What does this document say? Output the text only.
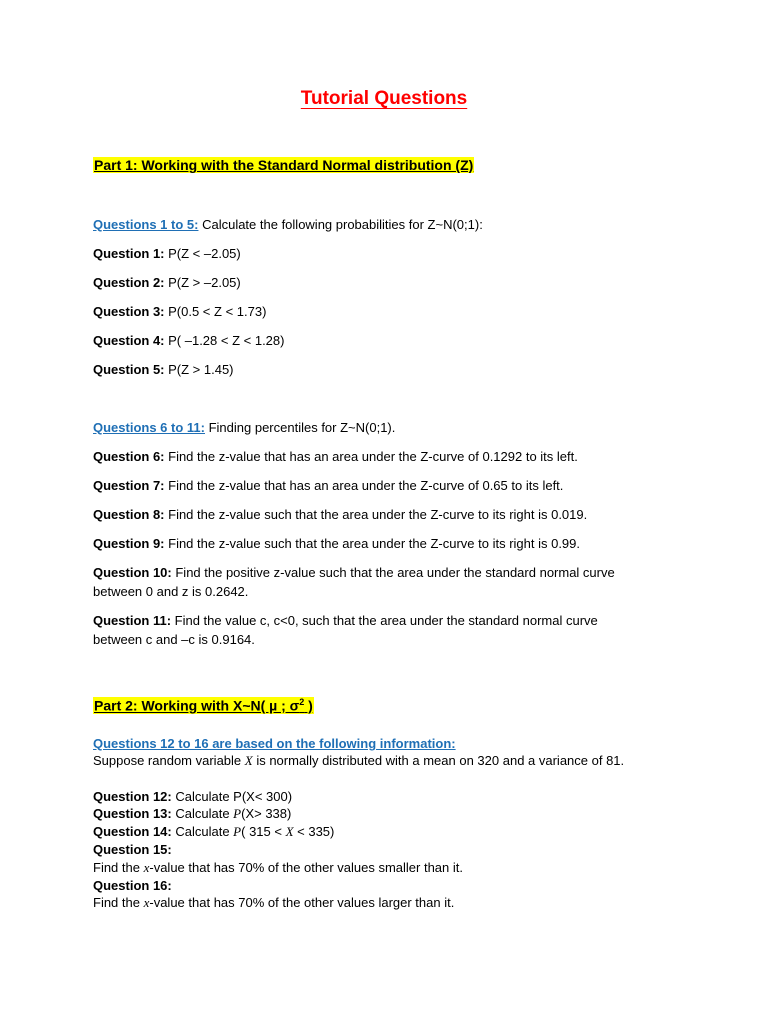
Tutorial Questions
Part 1: Working with the Standard Normal distribution (Z)
Questions 1 to 5: Calculate the following probabilities for Z~N(0;1):
Question 1: P(Z < –2.05)
Question 2: P(Z > –2.05)
Question 3: P(0.5 < Z < 1.73)
Question 4: P( –1.28 < Z < 1.28)
Question 5: P(Z > 1.45)
Questions 6 to 11: Finding percentiles for Z~N(0;1).
Question 6: Find the z-value that has an area under the Z-curve of 0.1292 to its left.
Question 7: Find the z-value that has an area under the Z-curve of 0.65 to its left.
Question 8: Find the z-value such that the area under the Z-curve to its right is 0.019.
Question 9: Find the z-value such that the area under the Z-curve to its right is 0.99.
Question 10: Find the positive z-value such that the area under the standard normal curve
between 0 and z is 0.2642.
Question 11: Find the value c, c<0, such that the area under the standard normal curve
between c and –c is 0.9164.
Part 2: Working with X~N( µ ; $\sigma^2$ )
Questions 12 to 16 are based on the following information:
Suppose random variable X is normally distributed with a mean on 320 and a variance of 81.
Question 12: Calculate P(X< 300)
Question 13: Calculate P(X> 338)
Question 14: Calculate P( 315 < X < 335)
Question 15:
Find the x-value that has 70% of the other values smaller than it.
Question 16:
Find the x-value that has 70% of the other values larger than it.
